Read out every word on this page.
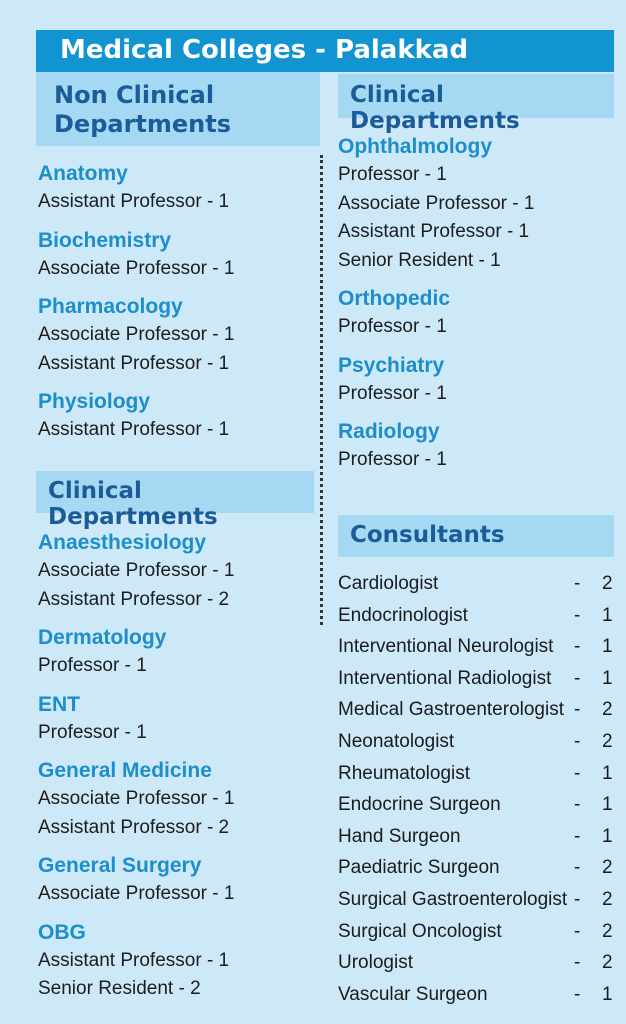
Medical Colleges - Palakkad
Non Clinical
Departments
Clinical Departments
Anatomy
Assistant Professor - 1
Biochemistry
Associate Professor - 1
Pharmacology
Associate Professor - 1
Assistant Professor - 1
Physiology
Assistant Professor - 1
Clinical Departments
Anaesthesiology
Associate Professor - 1
Assistant Professor - 2
Dermatology
Professor - 1
ENT
Professor - 1
General Medicine
Associate Professor - 1
Assistant Professor - 2
General Surgery
Associate Professor - 1
OBG
Assistant Professor - 1
Senior Resident - 2
Ophthalmology
Professor - 1
Associate Professor - 1
Assistant Professor - 1
Senior Resident - 1
Orthopedic
Professor - 1
Psychiatry
Professor - 1
Radiology
Professor - 1
Consultants
Cardiologist	- 2
Endocrinologist	- 1
Interventional Neurologist - 1
Interventional Radiologist - 1
Medical Gastroenterologist - 2
Neonatologist	- 2
Rheumatologist	- 1
Endocrine Surgeon	- 1
Hand Surgeon	- 1
Paediatric Surgeon	- 2
Surgical Gastroenterologist - 2
Surgical Oncologist	- 2
Urologist	- 2
Vascular Surgeon	- 1
